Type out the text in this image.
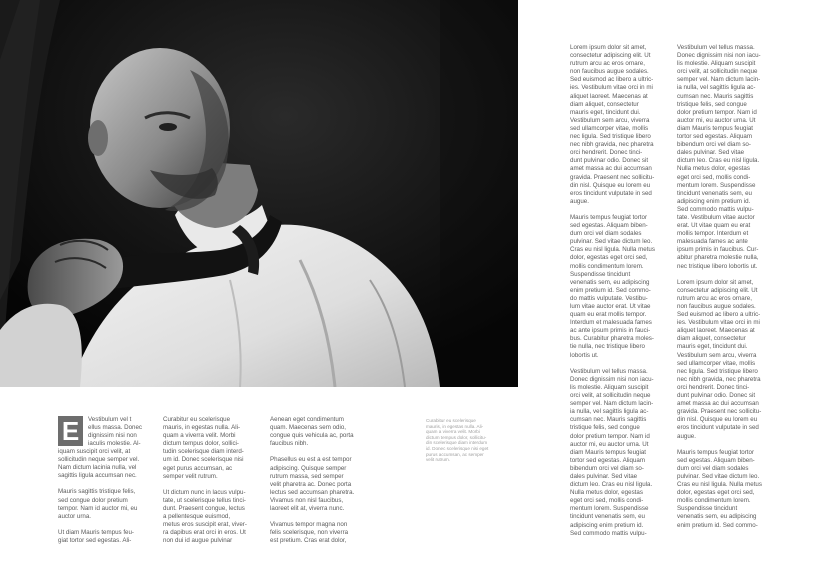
E	Vestibulum vel t
ellus massa. Donec
dignissim nisi non
iaculis molestie. Al-

Curabitur eu scelerisque
mauris, in egestas nulla. Ali-
quam a viverra velit. Morbi
dictum tempus dolor, sollici-
tudin scelerisque diam interd-
um id. Donec scelerisque nisi
eget purus accumsan, ac
semper velit rutrum.

Ut dictum nunc in lacus vulpu-
tate, ut scelerisque tellus tinci-
dunt. Praesent congue, lectus
a pellentesque euismod,
metus eros suscipit erat, viver-
ra dapibus erat orci in eros. Ut
non dui id augue pulvinar

Aenean eget condimentum
quam. Maecenas sem odio,
congue quis vehicula ac, porta
faucibus nibh.

Phasellus eu est a est tempor
adipiscing. Quisque semper
rutrum massa, sed semper
velit pharetra ac. Donec porta
lectus sed accumsan pharetra.
Vivamus non nisl faucibus,
laoreet elit at, viverra nunc.

Vivamus tempor magna non
felis scelerisque, non viverra
est pretium. Cras erat dolor,

Curabitur eu scelerisque
mauris, in egestas nulla. Ali-
quam a viverra velit. Morbi
dictum tempus dolor, sollicitu-
din scelerisque diam interdum
id. Donec scelerisque nisi eget
purus accumsan, ac semper
velit rutrum.

Lorem ipsum dolor sit amet,
consectetur adipiscing elit. Ut
rutrum arcu ac eros ornare,
non faucibus augue sodales.
Sed euismod ac libero a ultric-
ies. Vestibulum vitae orci in mi
aliquet laoreet. Maecenas at
diam aliquet, consectetur
mauris eget, tincidunt dui.
Vestibulum sem arcu, viverra
sed ullamcorper vitae, mollis
nec ligula. Sed tristique libero
nec nibh gravida, nec pharetra
orci hendrerit. Donec tinci-
dunt pulvinar odio. Donec sit
amet massa ac dui accumsan
gravida. Praesent nec sollicitu-
din nisl. Quisque eu lorem eu
eros tincidunt vulputate in sed
augue.

Mauris tempus feugiat tortor
sed egestas. Aliquam biben-
dum orci vel diam sodales
pulvinar. Sed vitae dictum leo.
Cras eu nisl ligula. Nulla metus
dolor, egestas eget orci sed,
mollis condimentum lorem.
Suspendisse tincidunt
venenatis sem, eu adipiscing
enim pretium id. Sed commo-
do mattis vulputate. Vestibu-
lum vitae auctor erat. Ut vitae
quam eu erat mollis tempor.
Interdum et malesuada fames
ac ante ipsum primis in fauci-
bus. Curabitur pharetra moles-
tie nulla, nec tristique libero
lobortis ut.

Vestibulum vel tellus massa.
Donec dignissim nisi non iacu-
lis molestie. Aliquam suscipit
orci velit, at sollicitudin neque
semper vel. Nam dictum lacin-
ia nulla, vel sagittis ligula ac-
cumsan nec. Mauris sagittis
tristique felis, sed congue
dolor pretium tempor. Nam id
auctor mi, eu auctor urna. Ut
diam Mauris tempus feugiat
tortor sed egestas. Aliquam
bibendum orci vel diam so-
dales pulvinar. Sed vitae
dictum leo. Cras eu nisl ligula.
Nulla metus dolor, egestas
eget orci sed, mollis condi-
mentum lorem. Suspendisse
tincidunt venenatis sem, eu
adipiscing enim pretium id.
Sed commodo mattis vulpu-

Vestibulum vel tellus massa.
Donec dignissim nisi non iacu-
lis molestie. Aliquam suscipit
orci velit, at sollicitudin neque
semper vel. Nam dictum lacin-
ia nulla, vel sagittis ligula ac-
cumsan nec. Mauris sagittis
tristique felis, sed congue
dolor pretium tempor. Nam id
auctor mi, eu auctor urna. Ut
diam Mauris tempus feugiat
tortor sed egestas. Aliquam
bibendum orci vel diam so-
dales pulvinar. Sed vitae
dictum leo. Cras eu nisl ligula.
Nulla metus dolor, egestas
eget orci sed, mollis condi-
mentum lorem. Suspendisse
tincidunt venenatis sem, eu
adipiscing enim pretium id.
Sed commodo mattis vulpu-
tate. Vestibulum vitae auctor
erat. Ut vitae quam eu erat
mollis tempor. Interdum et
malesuada fames ac ante
ipsum primis in faucibus. Cur-
abitur pharetra molestie nulla,
nec tristique libero lobortis ut.

Lorem ipsum dolor sit amet,
consectetur adipiscing elit. Ut
rutrum arcu ac eros ornare,
non faucibus augue sodales.
Sed euismod ac libero a ultric-
ies. Vestibulum vitae orci in mi
aliquet laoreet. Maecenas at
diam aliquet, consectetur
mauris eget, tincidunt dui.
Vestibulum sem arcu, viverra
sed ullamcorper vitae, mollis
nec ligula. Sed tristique libero
nec nibh gravida, nec pharetra
orci hendrerit. Donec tinci-
dunt pulvinar odio. Donec sit
amet massa ac dui accumsan
gravida. Praesent nec sollicitu-
din nisl. Quisque eu lorem eu
eros tincidunt vulputate in sed
augue.

Mauris tempus feugiat tortor
sed egestas. Aliquam biben-
dum orci vel diam sodales
pulvinar. Sed vitae dictum leo.
Cras eu nisl ligula. Nulla metus
dolor, egestas eget orci sed,
mollis condimentum lorem.
Suspendisse tincidunt
venenatis sem, eu adipiscing
enim pretium id. Sed commo-

iquam suscipit orci velit, at
sollicitudin neque semper vel.
Nam dictum lacinia nulla, vel
sagittis ligula accumsan nec.

Mauris sagittis tristique felis,
sed congue dolor pretium
tempor. Nam id auctor mi, eu
auctor urna.

Ut diam Mauris tempus feu-
giat tortor sed egestas. Ali-
